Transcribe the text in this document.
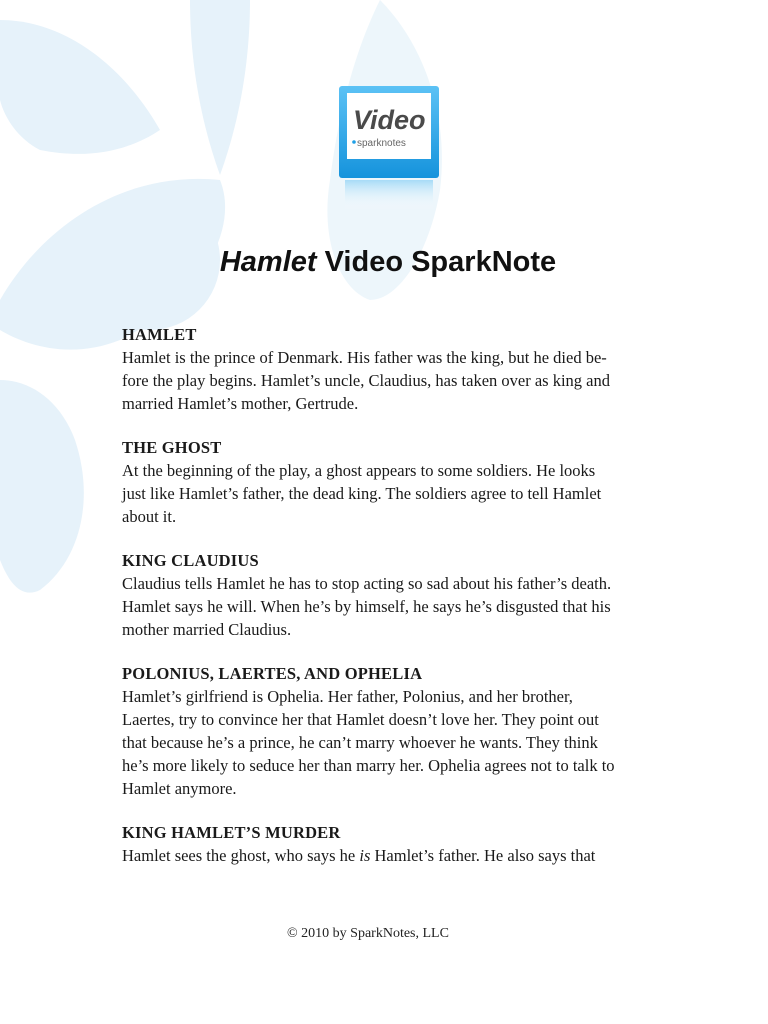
Video
sparknotes
Hamlet Video SparkNote

HAMLET

Hamlet is the prince of Denmark. His father was the king, but he died be-
fore the play begins. Hamlet’s uncle, Claudius, has taken over as king and
married Hamlet’s mother, Gertrude.

THE GHOST

At the beginning of the play, a ghost appears to some soldiers. He looks
just like Hamlet’s father, the dead king. The soldiers agree to tell Hamlet
about it.

KING CLAUDIUS

Claudius tells Hamlet he has to stop acting so sad about his father’s death.
Hamlet says he will. When he’s by himself, he says he’s disgusted that his
mother married Claudius.

POLONIUS, LAERTES, AND OPHELIA

Hamlet’s girlfriend is Ophelia. Her father, Polonius, and her brother,
Laertes, try to convince her that Hamlet doesn’t love her. They point out
that because he’s a prince, he can’t marry whoever he wants. They think
he’s more likely to seduce her than marry her. Ophelia agrees not to talk to
Hamlet anymore.

KING HAMLET’S MURDER

Hamlet sees the ghost, who says he is Hamlet’s father. He also says that

© 2010 by SparkNotes, LLC
